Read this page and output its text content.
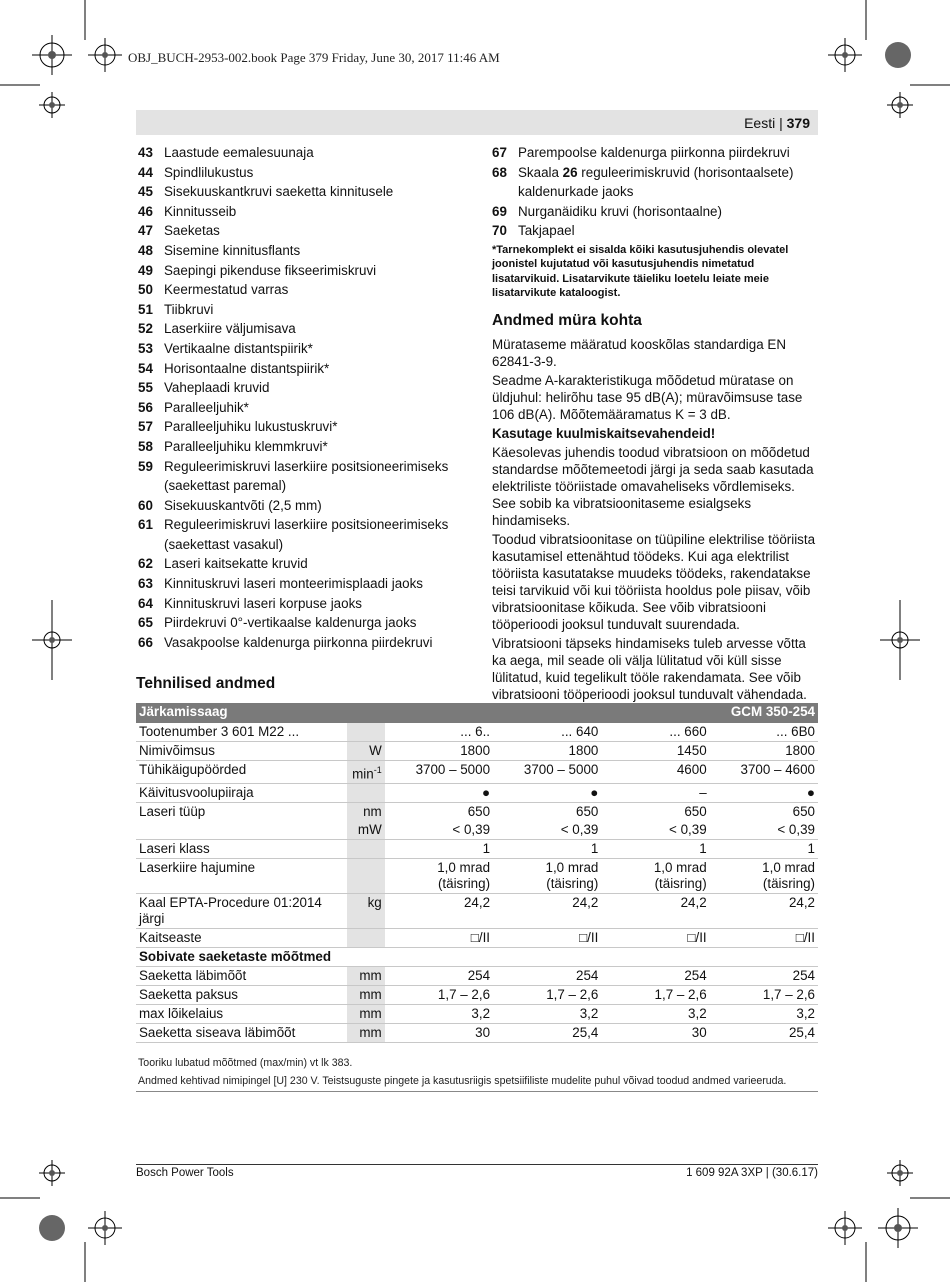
OBJ_BUCH-2953-002.book Page 379 Friday, June 30, 2017 11:46 AM
Eesti | 379
43 Laastude eemalesuunaja
44 Spindlilukustus
45 Sisekuuskantkruvi saeketta kinnitusele
46 Kinnitusseib
47 Saeketas
48 Sisemine kinnitusflants
49 Saepingi pikenduse fikseerimiskruvi
50 Keermestatud varras
51 Tiibkruvi
52 Laserkiire väljumisava
53 Vertikaalne distantspiirik*
54 Horisontaalne distantspiirik*
55 Vaheplaadi kruvid
56 Paralleeljuhik*
57 Paralleeljuhiku lukustuskruvi*
58 Paralleeljuhiku klemmkruvi*
59 Reguleerimiskruvi laserkiire positsioneerimiseks (saekettast paremal)
60 Sisekuuskantvõti (2,5 mm)
61 Reguleerimiskruvi laserkiire positsioneerimiseks (saekettast vasakul)
62 Laseri kaitsekatte kruvid
63 Kinnituskruvi laseri monteerimisplaadi jaoks
64 Kinnituskruvi laseri korpuse jaoks
65 Piirdekruvi 0°-vertikaalse kaldenurga jaoks
66 Vasakpoolse kaldenurga piirkonna piirdekruvi
67 Parempoolse kaldenurga piirkonna piirdekruvi
68 Skaala 26 reguleerimiskruvid (horisontaalsete) kaldenurkade jaoks
69 Nurganäidiku kruvi (horisontaalne)
70 Takjapael
*Tarnekomplekt ei sisalda kõiki kasutusjuhendis olevatel joonistel kujutatud või kasutusjuhendis nimetatud lisatarvikuid. Lisatarvikute täieliku loetelu leiate meie lisatarvikute kataloogist.
Andmed müra kohta

Mürataseme määratud kooskõlas standardiga EN 62841-3-9.

Seadme A-karakteristikuga mõõdetud müratase on üldjuhul: helirõhu tase 95 dB(A); müravõimsuse tase 106 dB(A). Mõõtemääramatus K = 3 dB.

Kasutage kuulmiskaitsevahendeid!

Käesolevas juhendis toodud vibratsioon on mõõdetud standardse mõõtemeetodi järgi ja seda saab kasutada elektriliste tööriistade omavaheliseks võrdlemiseks. See sobib ka vibratsioonitaseme esialgseks hindamiseks.

Toodud vibratsioonitase on tüüpiline elektrilise tööriista kasutamisel ettenähtud töödeks. Kui aga elektrilist tööriista kasutatakse muudeks töödeks, rakendatakse teisi tarvikuid või kui tööriista hooldus pole piisav, võib vibratsioonitase kõikuda. See võib vibratsiooni tööperioodi jooksul tunduvalt suurendada.

Vibratsiooni täpseks hindamiseks tuleb arvesse võtta ka aega, mil seade oli välja lülitatud või küll sisse lülitatud, kuid tegelikult tööle rakendamata. See võib vibratsiooni tööperioodi jooksul tunduvalt vähendada.

Tehnilised andmed
Järkamissaag			GCM 350-254		
Tootenumber 3 601 M22 ...		... 6..	... 640	... 660	... 6B0
Nimivõimsus	W	1800	1800	1450	1800
Tühikäigupöörded	$\min^{-1}$	3700 – 5000	3700 – 5000	4600	3700 – 4600
Käivitusvoolupiiraja		●	●	–	●
Laseri tüüp	nm	650	650	650	650
	mW	< 0,39	< 0,39	< 0,39	< 0,39
Laseri klass		1	1	1	1
Laserkiire hajumine		1,0 mrad (täisring)	1,0 mrad (täisring)	1,0 mrad (täisring)	1,0 mrad (täisring)
Kaal EPTA-Procedure 01:2014 järgi	kg	24,2	24,2	24,2	24,2
Kaitseaste		□/II	□/II	□/II	□/II
Sobivate saeketaste mõõtmed					
Saeketta läbimõõt	mm	254	254	254	254
Saeketta paksus	mm	1,7 – 2,6	1,7 – 2,6	1,7 – 2,6	1,7 – 2,6
max lõikelaius	mm	3,2	3,2	3,2	3,2
Saeketta siseava läbimõõt	mm	30	25,4	30	25,4
Tooriku lubatud mõõtmed (max/min) vt lk 383.
Andmed kehtivad nimipingel [U] 230 V. Teistsuguste pingete ja kasutusriigis spetsiifiliste mudelite puhul võivad toodud andmed varieeruda.
Bosch Power Tools	1 609 92A 3XP | (30.6.17)
